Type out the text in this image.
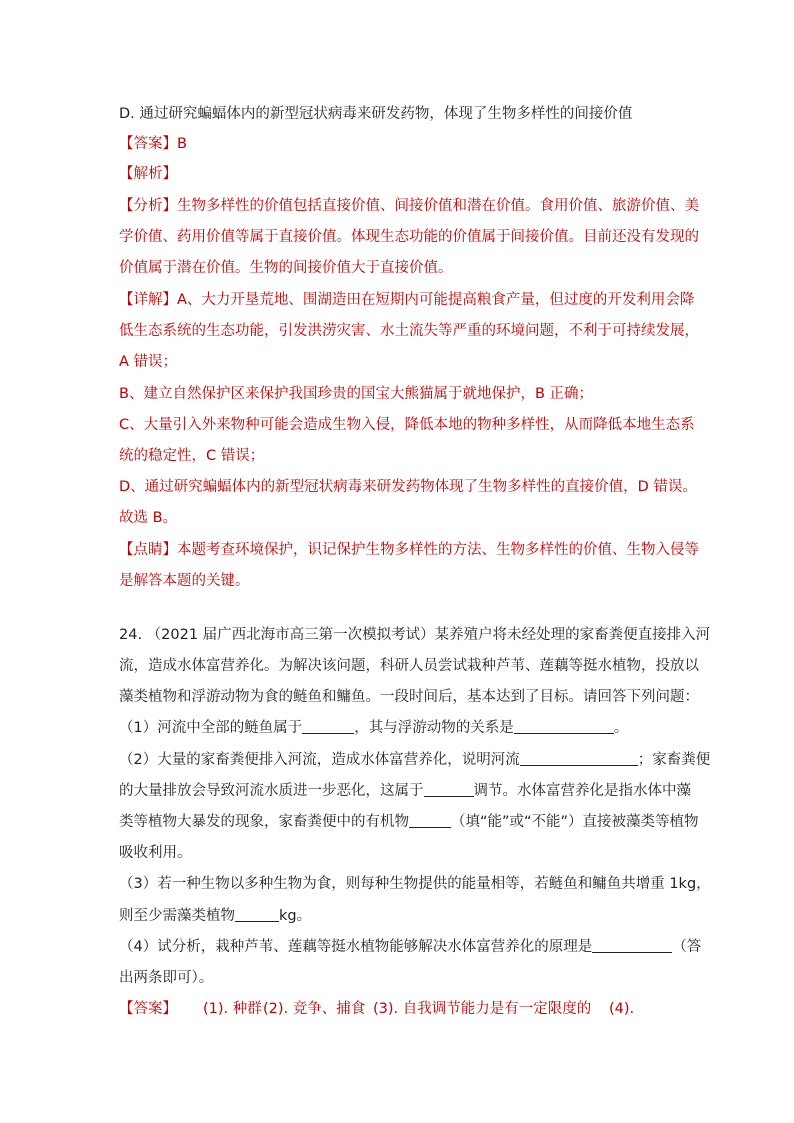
D. 通过研究蝙蝠体内的新型冠状病毒来研发药物，体现了生物多样性的间接价值
【答案】B
【解析】
【分析】生物多样性的价值包括直接价值、间接价值和潜在价值。食用价值、旅游价值、美
学价值、药用价值等属于直接价值。体现生态功能的价值属于间接价值。目前还没有发现的
价值属于潜在价值。生物的间接价值大于直接价值。
【详解】A、大力开垦荒地、围湖造田在短期内可能提高粮食产量，但过度的开发利用会降
低生态系统的生态功能，引发洪涝灾害、水土流失等严重的环境问题，不利于可持续发展，
A 错误；
B、建立自然保护区来保护我国珍贵的国宝大熊猫属于就地保护，B 正确；
C、大量引入外来物种可能会造成生物入侵，降低本地的物种多样性，从而降低本地生态系
统的稳定性，C 错误；
D、通过研究蝙蝠体内的新型冠状病毒来研发药物体现了生物多样性的直接价值，D 错误。
故选 B。
【点睛】本题考查环境保护，识记保护生物多样性的方法、生物多样性的价值、生物入侵等
是解答本题的关键。
24. （2021 届广西北海市高三第一次模拟考试）某养殖户将未经处理的家畜粪便直接排入河
流，造成水体富营养化。为解决该问题，科研人员尝试栽种芦苇、莲藕等挺水植物，投放以
藻类植物和浮游动物为食的鲢鱼和鳙鱼。一段时间后，基本达到了目标。请回答下列问题：
（1）河流中全部的鲢鱼属于	，其与浮游动物的关系是	。
（2）大量的家畜粪便排入河流，造成水体富营养化，说明河流	；家畜粪便
的大量排放会导致河流水质进一步恶化，这属于	调节。水体富营养化是指水体中藻
类等植物大暴发的现象，家畜粪便中的有机物	（填“能”或“不能”）直接被藻类等植物
吸收利用。
（3）若一种生物以多种生物为食，则每种生物提供的能量相等，若鲢鱼和鳙鱼共增重 1kg，
则至少需藻类植物	kg。
（4）试分析，栽种芦苇、莲藕等挺水植物能够解决水体富营养化的原理是	（答
出两条即可）。
【答案】 (1). 种群(2). 竞争、捕食 (3). 自我调节能力是有一定限度的 (4).
